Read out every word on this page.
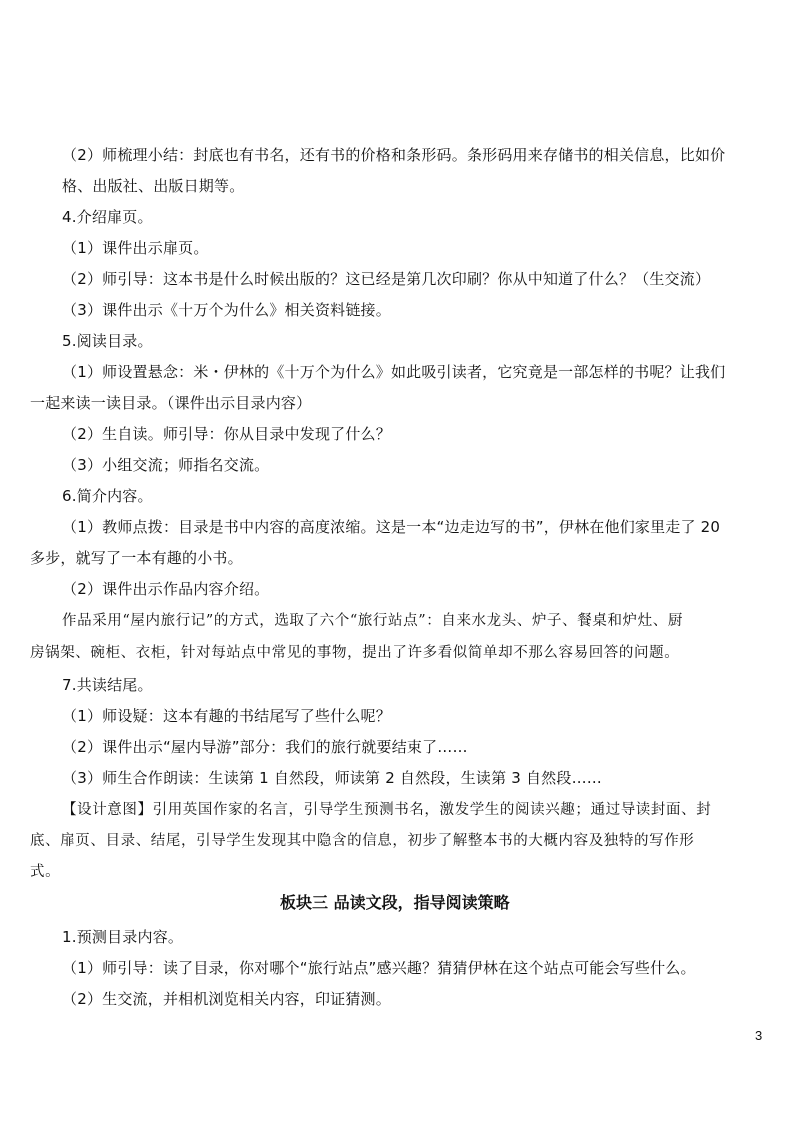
（2）师梳理小结：封底也有书名，还有书的价格和条形码。条形码用来存储书的相关信息，比如价
格、出版社、出版日期等。
4.介绍扉页。
（1）课件出示扉页。
（2）师引导：这本书是什么时候出版的？这已经是第几次印刷？你从中知道了什么？（生交流）
（3）课件出示《十万个为什么》相关资料链接。
5.阅读目录。
（1）师设置悬念：米・伊林的《十万个为什么》如此吸引读者，它究竟是一部怎样的书呢？让我们
一起来读一读目录。（课件出示目录内容）
（2）生自读。师引导：你从目录中发现了什么？
（3）小组交流；师指名交流。
6.简介内容。
（1）教师点拨：目录是书中内容的高度浓缩。这是一本“边走边写的书”，伊林在他们家里走了 20
多步，就写了一本有趣的小书。
（2）课件出示作品内容介绍。
作品采用“屋内旅行记”的方式，选取了六个“旅行站点”：自来水龙头、炉子、餐桌和炉灶、厨
房锅架、碗柜、衣柜，针对每站点中常见的事物，提出了许多看似简单却不那么容易回答的问题。
7.共读结尾。
（1）师设疑：这本有趣的书结尾写了些什么呢？
（2）课件出示“屋内导游”部分：我们的旅行就要结束了……
（3）师生合作朗读：生读第 1 自然段，师读第 2 自然段，生读第 3 自然段……
【设计意图】引用英国作家的名言，引导学生预测书名，激发学生的阅读兴趣；通过导读封面、封
底、扉页、目录、结尾，引导学生发现其中隐含的信息，初步了解整本书的大概内容及独特的写作形
式。
板块三 品读文段，指导阅读策略
1.预测目录内容。
（1）师引导：读了目录，你对哪个“旅行站点”感兴趣？猜猜伊林在这个站点可能会写些什么。
（2）生交流，并相机浏览相关内容，印证猜测。
3
